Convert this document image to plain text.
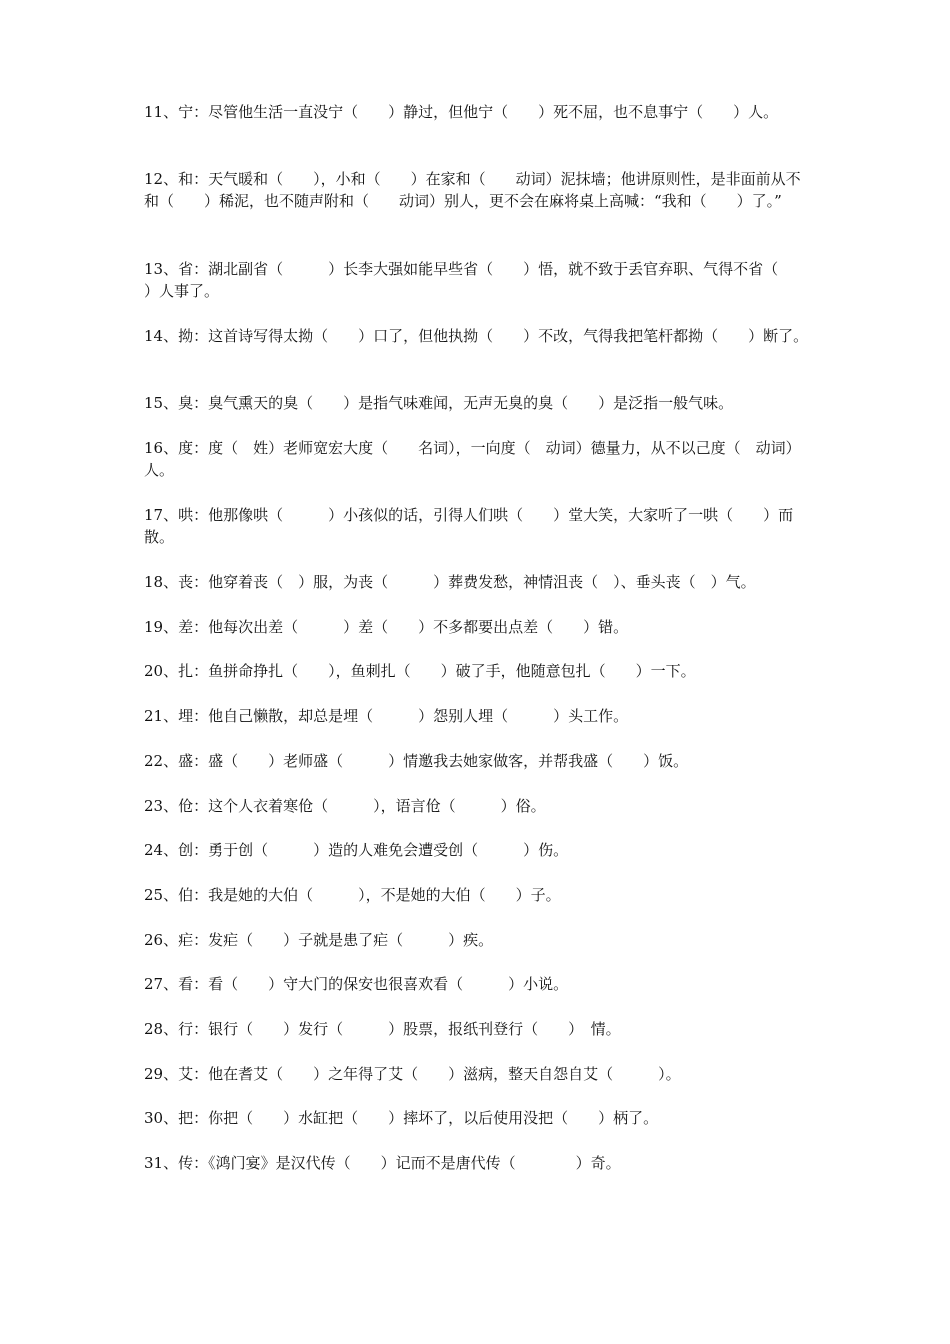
11、宁：尽管他生活一直没宁（　　）静过，但他宁（　　）死不屈，也不息事宁（　　）人。

12、和：天气暖和（　　），小和（　　）在家和（　　动词）泥抹墙；他讲原则性，是非面前从不和（　　）稀泥，也不随声附和（　　动词）别人，更不会在麻将桌上高喊：“我和（　　）了。”

13、省：湖北副省（　　　）长李大强如能早些省（　　）悟，就不致于丢官弃职、气得不省（　　）人事了。

14、拗：这首诗写得太拗（　　）口了，但他执拗（　　）不改，气得我把笔杆都拗（　　）断了。

15、臭：臭气熏天的臭（　　）是指气味难闻，无声无臭的臭（　　）是泛指一般气味。

16、度：度（　姓）老师宽宏大度（　　名词），一向度（　动词）德量力，从不以己度（　动词）人。

17、哄：他那像哄（　　　）小孩似的话，引得人们哄（　　）堂大笑，大家听了一哄（　　）而散。

18、丧：他穿着丧（　）服，为丧（　　　）葬费发愁，神情沮丧（　）、垂头丧（　）气。

19、差：他每次出差（　　　）差（　　）不多都要出点差（　　）错。

20、扎：鱼拼命挣扎（　　），鱼刺扎（　　）破了手，他随意包扎（　　）一下。

21、埋：他自己懒散，却总是埋（　　　）怨别人埋（　　　）头工作。

22、盛：盛（　　）老师盛（　　　）情邀我去她家做客，并帮我盛（　　）饭。

23、伧：这个人衣着寒伧（　　　），语言伧（　　　）俗。

24、创：勇于创（　　　）造的人难免会遭受创（　　　）伤。

25、伯：我是她的大伯（　　　），不是她的大伯（　　）子。

26、疟：发疟（　　）子就是患了疟（　　　）疾。

27、看：看（　　）守大门的保安也很喜欢看（　　　）小说。

28、行：银行（　　）发行（　　　）股票，报纸刊登行（　　）　情。

29、艾：他在耆艾（　　）之年得了艾（　　）滋病，整天自怨自艾（　　　）。

30、把：你把（　　）水缸把（　　）摔坏了，以后使用没把（　　）柄了。

31、传：《鸿门宴》是汉代传（　　）记而不是唐代传（　　　　）奇。
